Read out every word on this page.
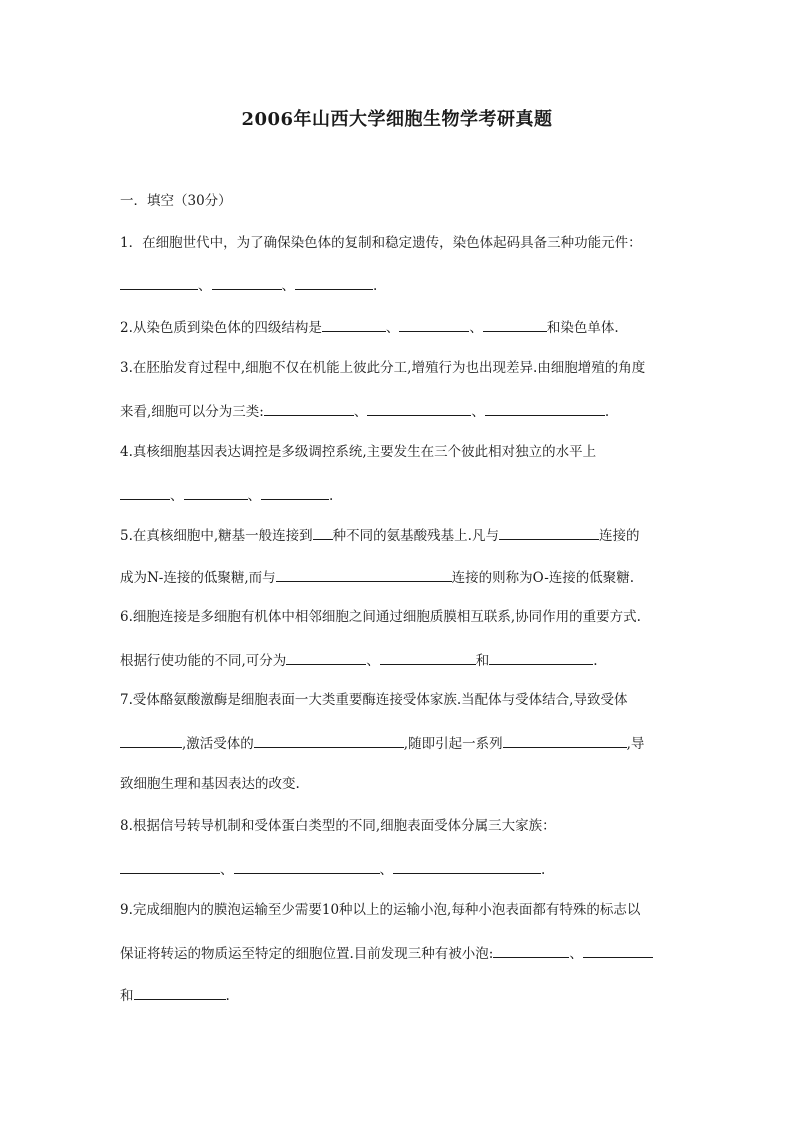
2006年山西大学细胞生物学考研真题
一．填空（30分）
1．在细胞世代中，为了确保染色体的复制和稳定遗传，染色体起码具备三种功能元件：
、	、	.
2.从染色质到染色体的四级结构是	、	、	和染色单体.
3.在胚胎发育过程中,细胞不仅在机能上彼此分工,增殖行为也出现差异.由细胞增殖的角度
来看,细胞可以分为三类:	、	、	.
4.真核细胞基因表达调控是多级调控系统,主要发生在三个彼此相对独立的水平上
、	、	.
5.在真核细胞中,糖基一般连接到 种不同的氨基酸残基上.凡与	连接的
成为N-连接的低聚糖,而与	连接的则称为O-连接的低聚糖.
6.细胞连接是多细胞有机体中相邻细胞之间通过细胞质膜相互联系,协同作用的重要方式.
根据行使功能的不同,可分为	、	和	.
7.受体酪氨酸激酶是细胞表面一大类重要酶连接受体家族.当配体与受体结合,导致受体
,激活受体的	,随即引起一系列	,导
致细胞生理和基因表达的改变.
8.根据信号转导机制和受体蛋白类型的不同,细胞表面受体分属三大家族：
、	、	.
9.完成细胞内的膜泡运输至少需要10种以上的运输小泡,每种小泡表面都有特殊的标志以
保证将转运的物质运至特定的细胞位置.目前发现三种有被小泡:	、
和	.
